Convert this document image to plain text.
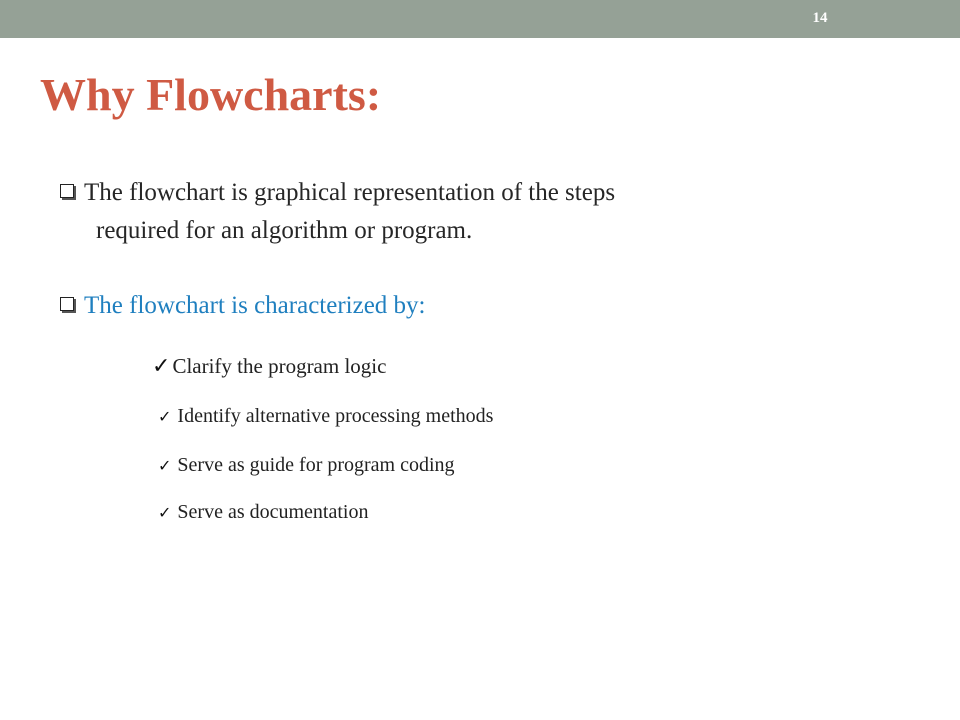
14
Why Flowcharts:
The flowchart is graphical representation of the steps
required for an algorithm or program.
The flowchart is characterized by:
✓Clarify the program logic
✓ Identify alternative processing methods
✓ Serve as guide for program coding
✓ Serve as documentation
